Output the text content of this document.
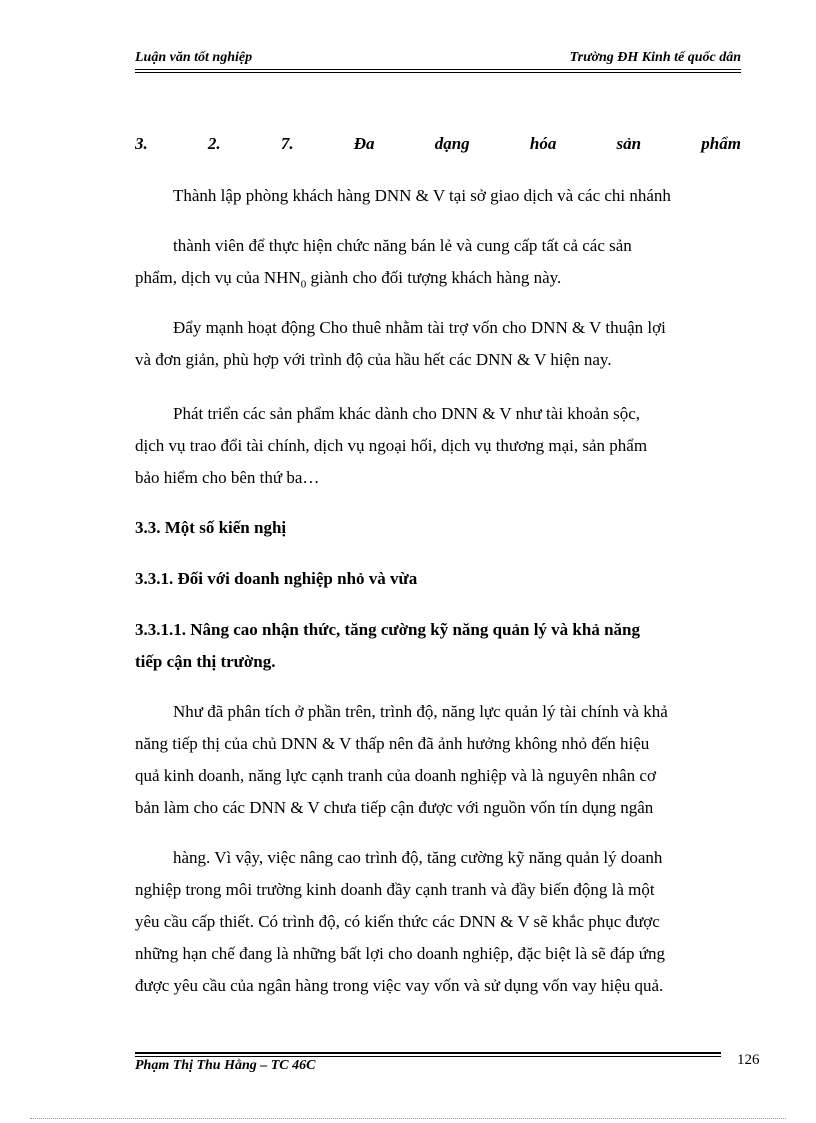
Luận văn tốt nghiệp	Trường ĐH Kinh tế quốc dân
3.	2.	7.	Đa	dạng	hóa	sản	phẩm
Thành lập phòng khách hàng DNN & V tại sở giao dịch và các chi nhánh
thành viên để thực hiện chức năng bán lẻ và cung cấp tất cả các sản
phẩm, dịch vụ của $NHN_0$ giành cho đối tượng khách hàng này.
Đẩy mạnh hoạt động Cho thuê nhằm tài trợ vốn cho DNN & V thuận lợi
và đơn giản, phù hợp với trình độ của hầu hết các DNN & V hiện nay.
Phát triển các sản phẩm khác dành cho DNN & V như tài khoản sộc,
dịch vụ trao đổi tài chính, dịch vụ ngoại hối, dịch vụ thương mại, sản phẩm
bảo hiểm cho bên thứ ba…
3.3. Một số kiến nghị
3.3.1. Đối với doanh nghiệp nhỏ và vừa
3.3.1.1. Nâng cao nhận thức, tăng cường kỹ năng quản lý và khả năng
tiếp cận thị trường.
Như đã phân tích ở phần trên, trình độ, năng lực quản lý tài chính và khả
năng tiếp thị của chủ DNN & V thấp nên đã ảnh hưởng không nhỏ đến hiệu
quả kinh doanh, năng lực cạnh tranh của doanh nghiệp và là nguyên nhân cơ
bản làm cho các DNN & V chưa tiếp cận được với nguồn vốn tín dụng ngân
hàng. Vì vậy, việc nâng cao trình độ, tăng cường kỹ năng quản lý doanh
nghiệp trong môi trường kinh doanh đầy cạnh tranh và đầy biến động là một
yêu cầu cấp thiết. Có trình độ, có kiến thức các DNN & V sẽ khắc phục được
những hạn chế đang là những bất lợi cho doanh nghiệp, đặc biệt là sẽ đáp ứng
được yêu cầu của ngân hàng trong việc vay vốn và sử dụng vốn vay hiệu quả.
Phạm Thị Thu Hằng – TC 46C	126
